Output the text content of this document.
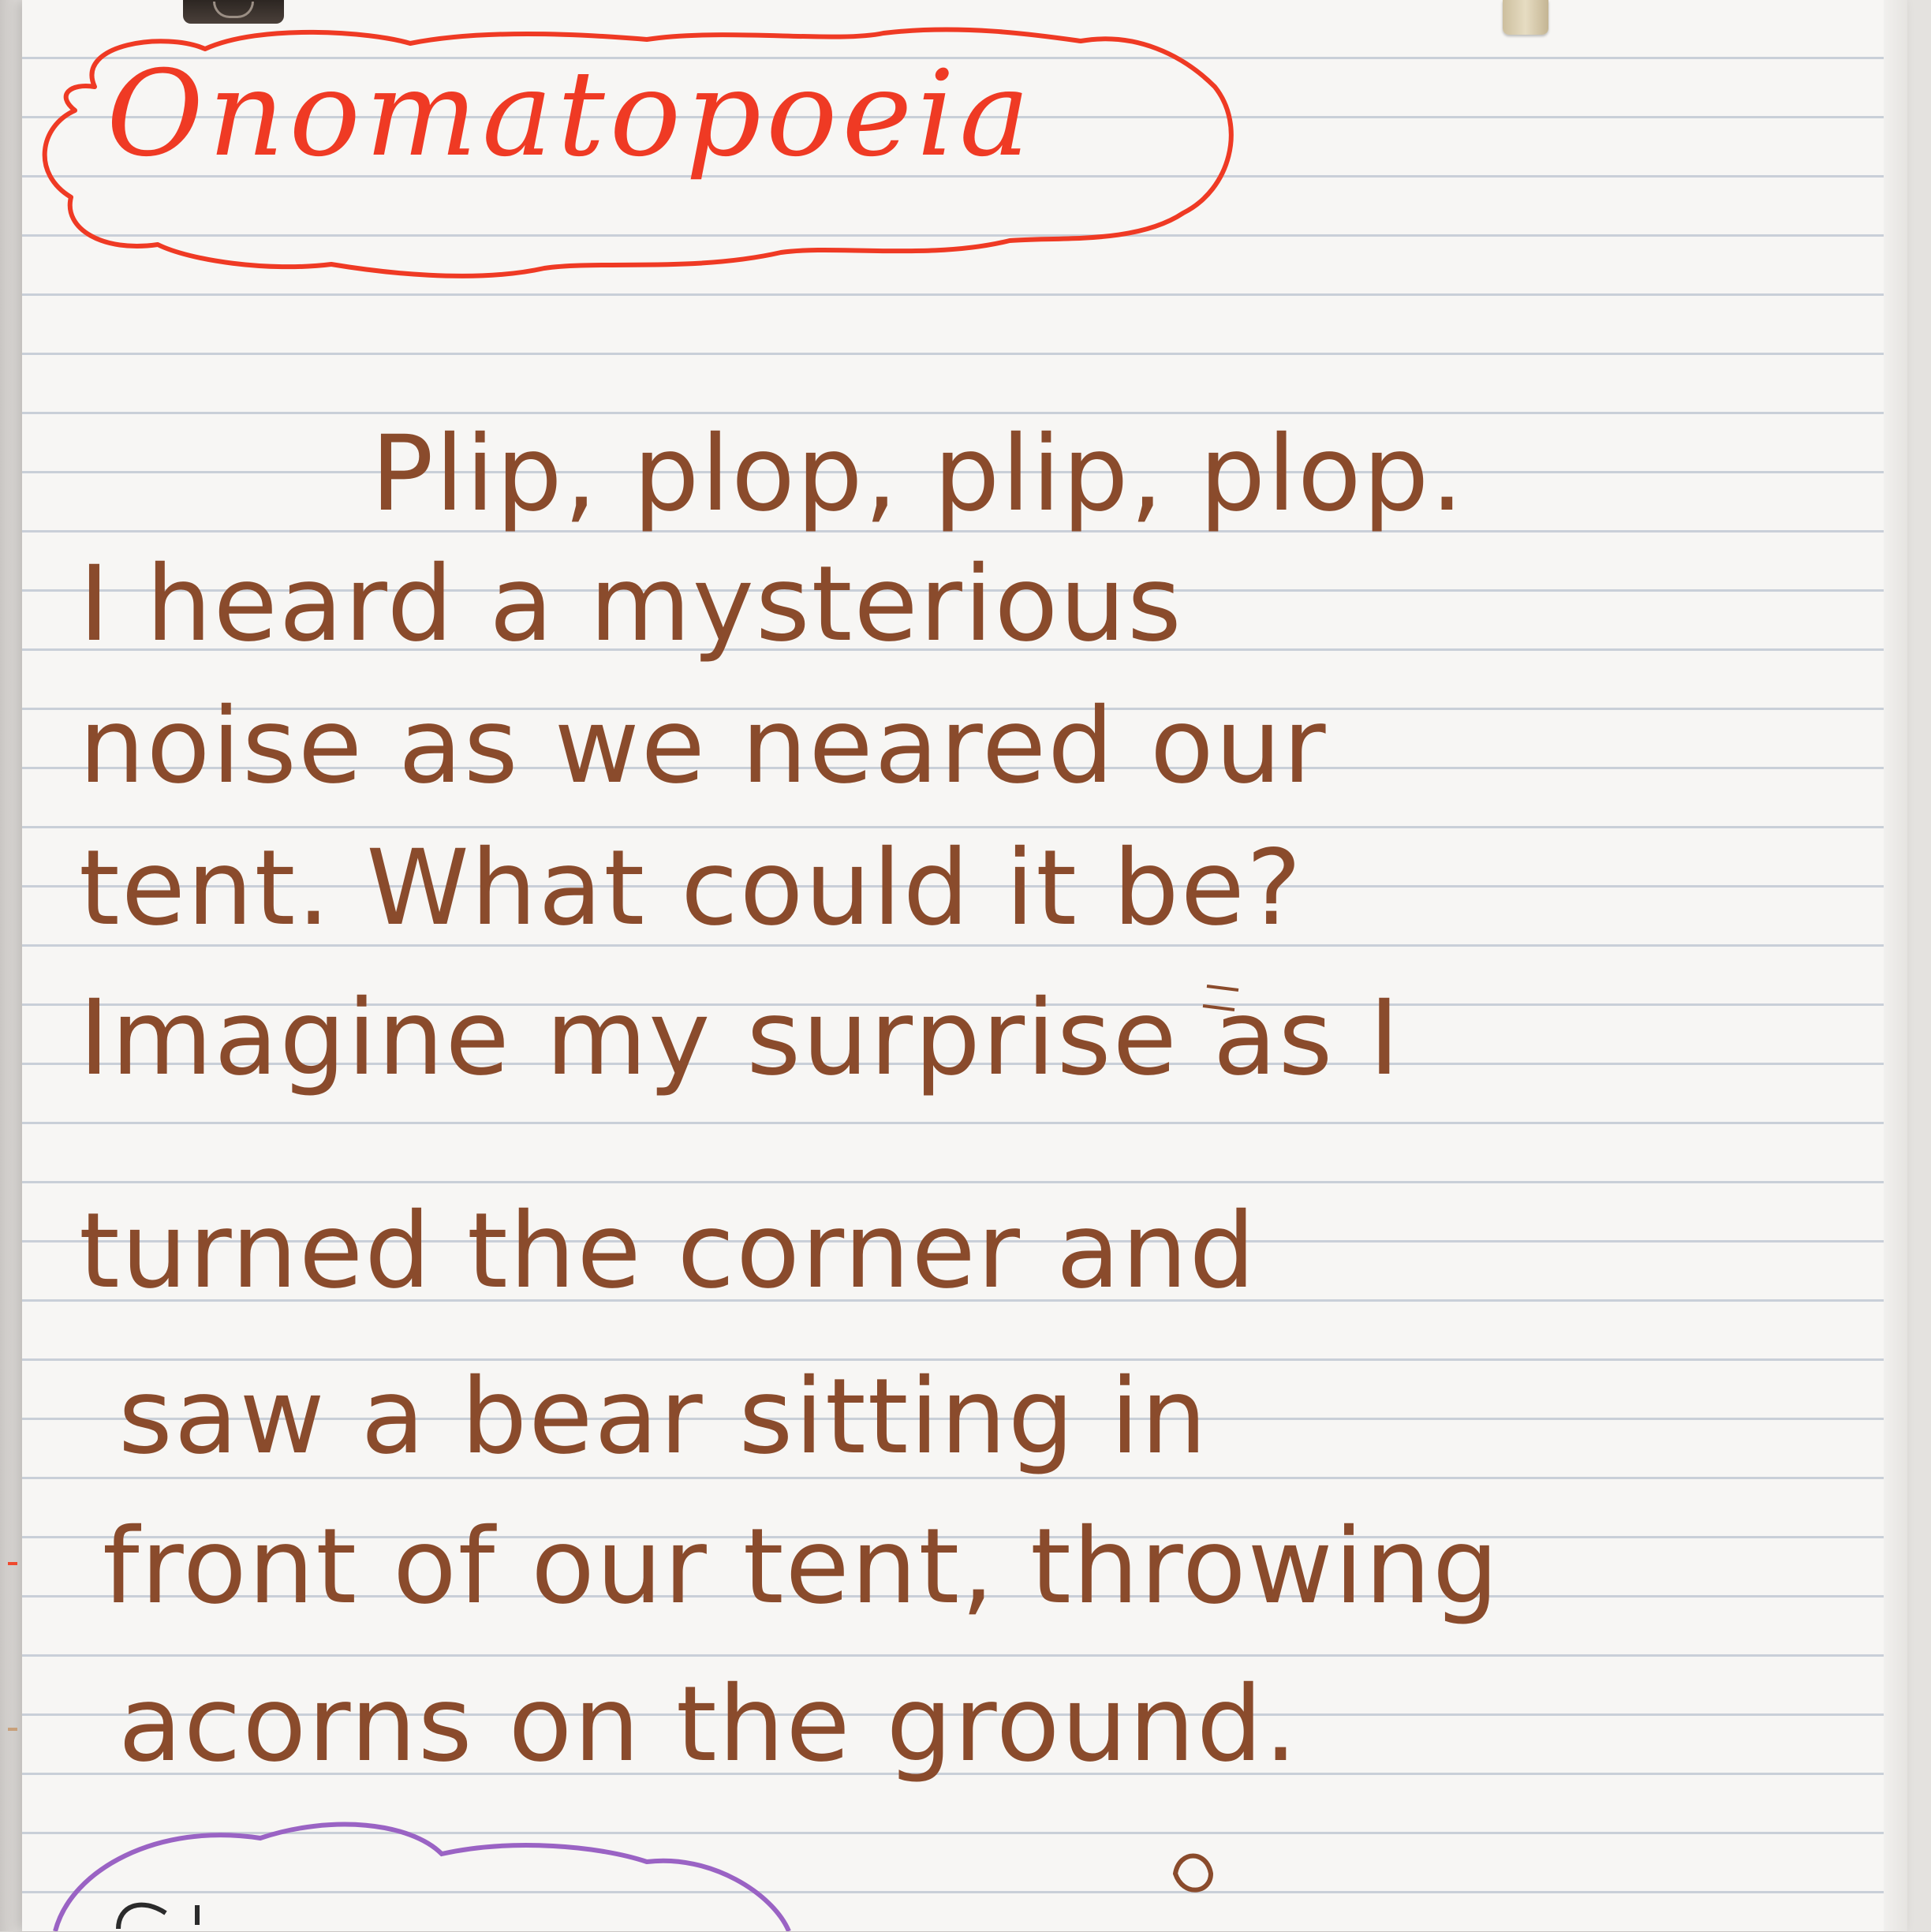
Onomatopoeia
Plip, plop, plip, plop.
I heard a mysterious
noise as we neared our
tent. What could it be?
Imagine my surprise as I
turned the corner and
saw a bear sitting in
front of our tent, throwing
acorns on the ground.
